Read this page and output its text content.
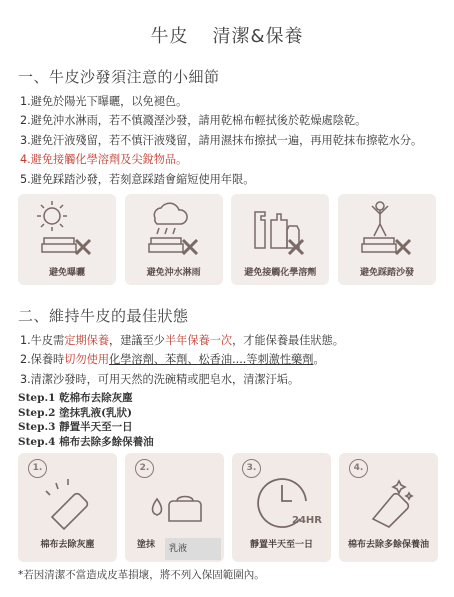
牛皮 清潔&保養
一、牛皮沙發須注意的小細節
1.避免於陽光下曝曬，以免褪色。
2.避免沖水淋雨，若不慎濺溼沙發，請用乾棉布輕拭後於乾燥處陰乾。
3.避免汗液殘留，若不慎汗液殘留，請用濕抹布擦拭一遍，再用乾抹布擦乾水分。
4.避免接觸化學溶劑及尖銳物品。
5.避免踩踏沙發，若刻意踩踏會縮短使用年限。
避免曝曬	避免沖水淋雨	避免接觸化學溶劑	避免踩踏沙發
二、維持牛皮的最佳狀態
1.牛皮需定期保養，建議至少半年保養一次，才能保養最佳狀態。
2.保養時切勿使用化學溶劑、苯劑、松香油....等刺激性藥劑。
3.清潔沙發時，可用天然的洗碗精或肥皂水，清潔汙垢。
Step.1 乾棉布去除灰塵
Step.2 塗抹乳液(乳狀)
Step.3 靜置半天至一日
Step.4 棉布去除多餘保養油
1.
棉布去除灰塵
2.
塗抹	乳液
3.
24HR
靜置半天至一日
4.
棉布去除多餘保養油
*若因清潔不當造成皮革損壞，將不列入保固範圍內。
